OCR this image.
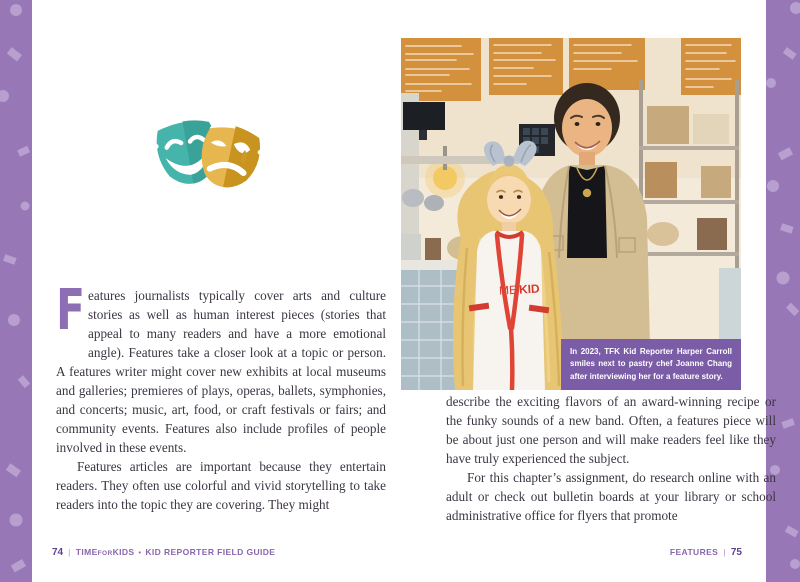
F eatures journalists typically cover arts and culture stories as well as human interest pieces (stories that appeal to many readers and have a more emotional angle). Features take a closer look at a topic or person. A features writer might cover new exhibits at local museums and galleries; premieres of plays, operas, ballets, symphonies, and concerts; music, art, food, or craft festivals or fairs; and community events. Features also include profiles of people involved in these events.

Features articles are important because they entertain readers. They often use colorful and vivid storytelling to take readers into the topic they are covering. They might

MEKID
In 2023, TFK Kid Reporter Harper Carroll smiles next to pastry chef Joanne Chang after interviewing her for a feature story.

describe the exciting flavors of an award-winning recipe or the funky sounds of a new band. Often, a features piece will be about just one person and will make readers feel like they have truly experienced the subject.

For this chapter’s assignment, do research online with an adult or check out bulletin boards at your library or school administrative office for flyers that promote

74 | TIMEFORKIDS • KID REPORTER FIELD GUIDE	FEATURES | 75
